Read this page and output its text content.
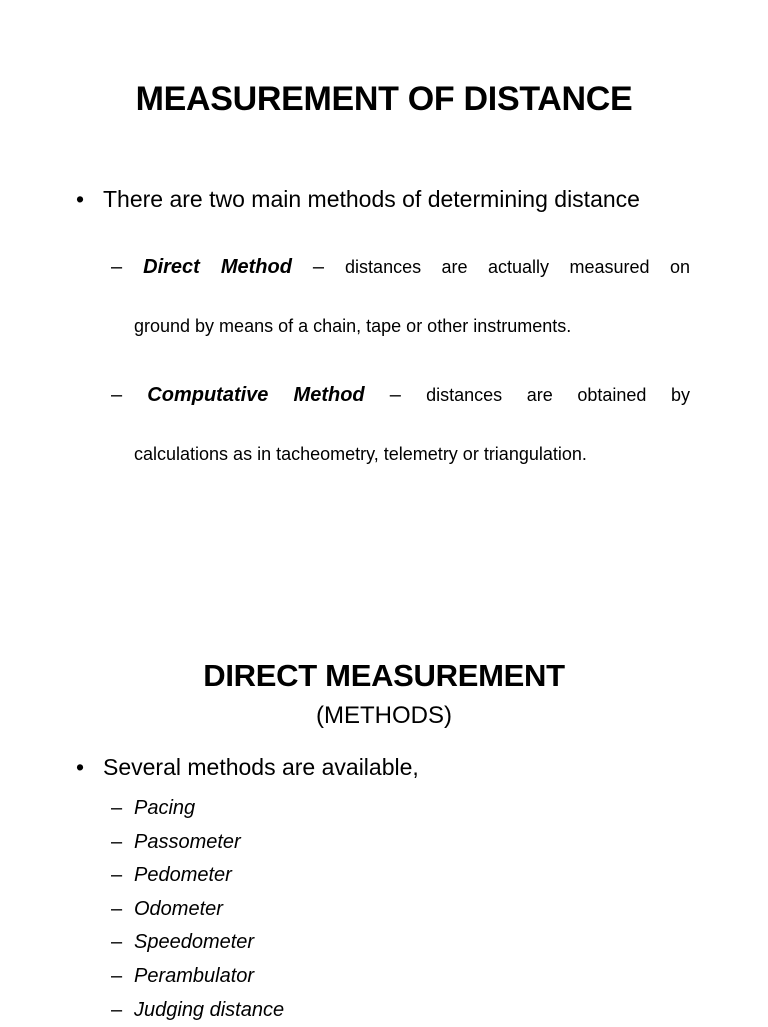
MEASUREMENT OF DISTANCE
• There are two main methods of determining distance
– Direct Method – distances are actually measured on
ground by means of a chain, tape or other instruments.
– Computative Method – distances are obtained by
calculations as in tacheometry, telemetry or triangulation.
DIRECT MEASUREMENT
(METHODS)
• Several methods are available,
– Pacing
– Passometer
– Pedometer
– Odometer
– Speedometer
– Perambulator
– Judging distance
